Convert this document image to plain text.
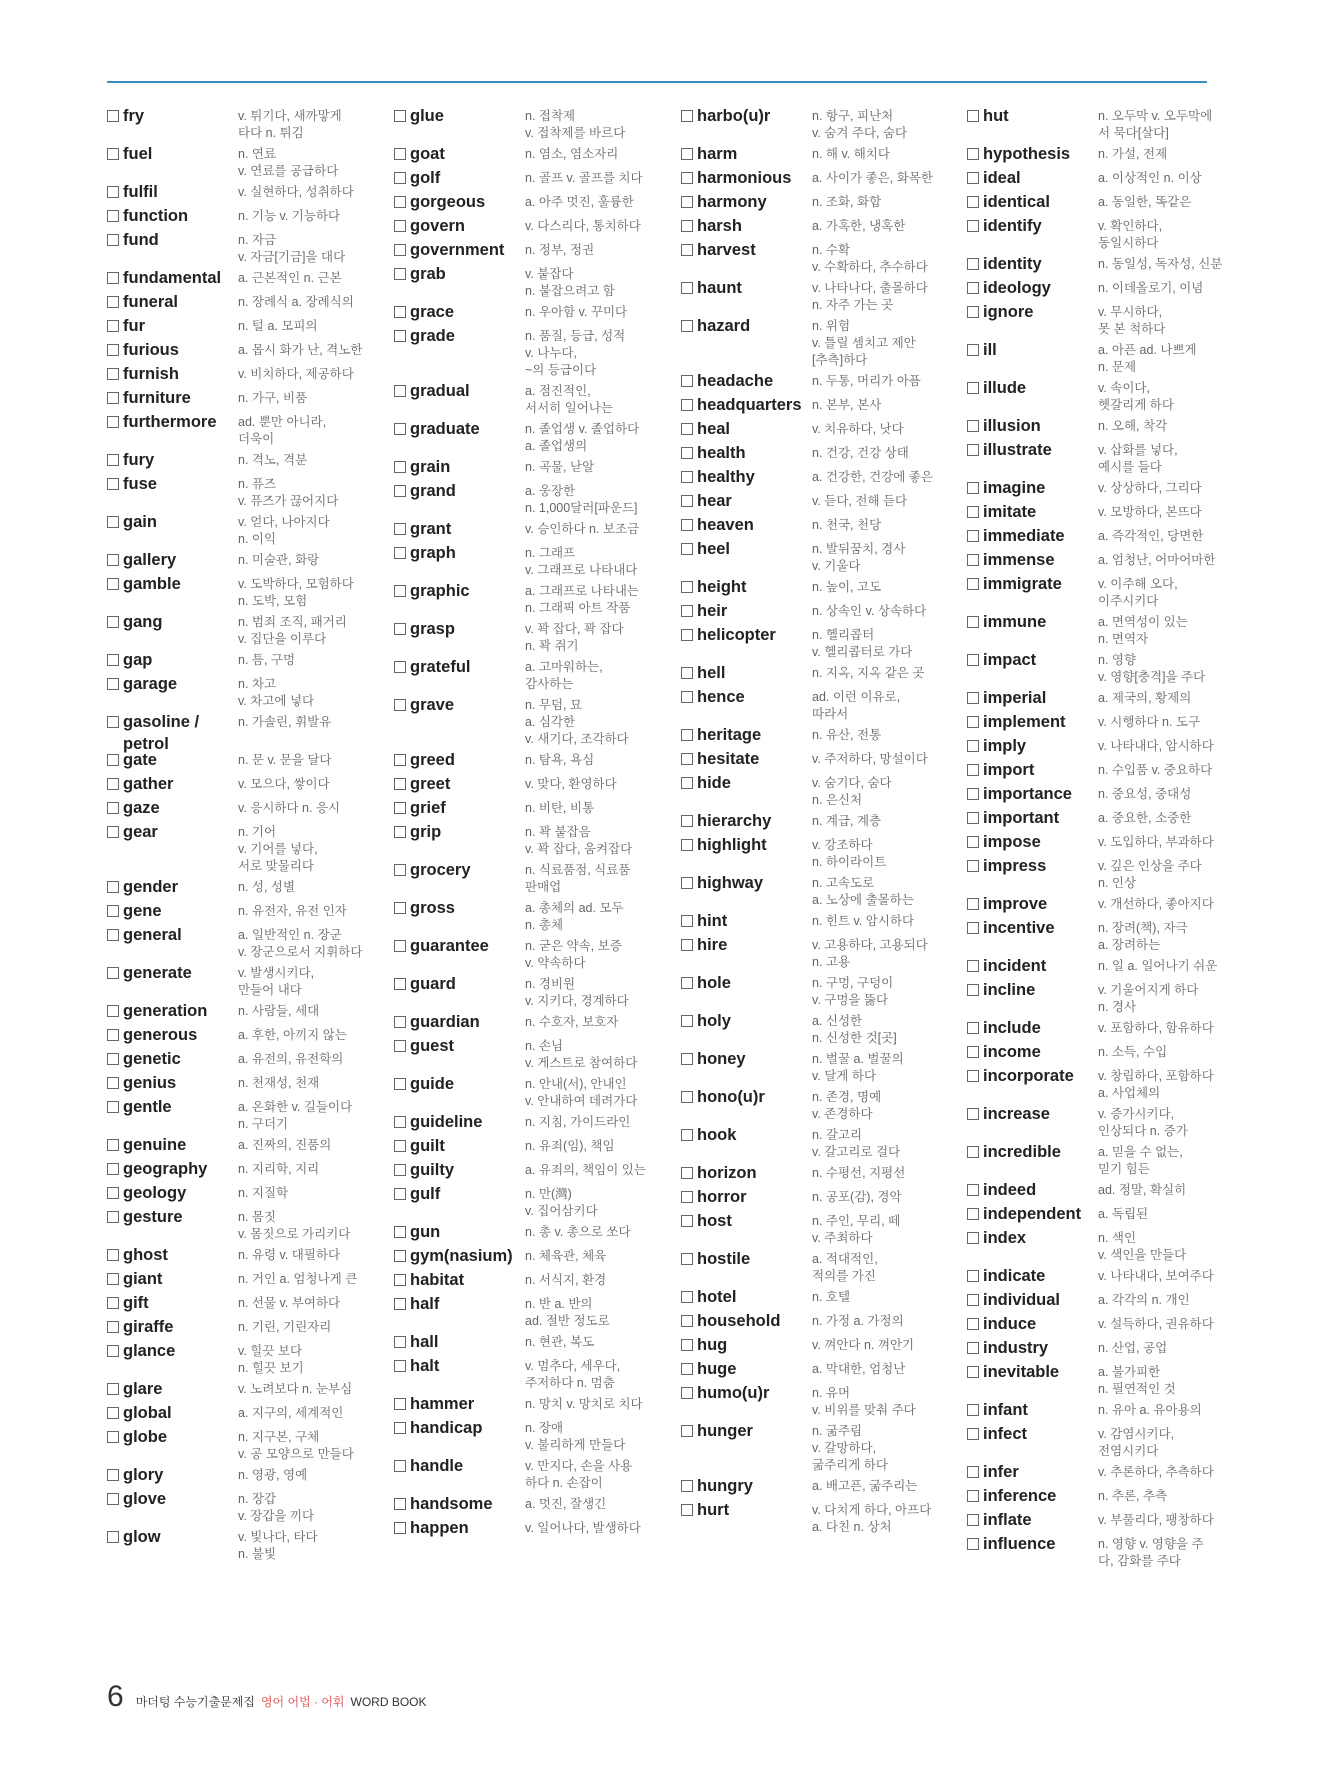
fry	v. 튀기다, 새까맣게
타다 n. 튀김
fuel	n. 연료
v. 연료를 공급하다
fulfil	v. 실현하다, 성취하다
function	n. 기능 v. 기능하다
fund	n. 자금
v. 자금[기금]을 대다
fundamental a. 근본적인 n. 근본
funeral	n. 장례식 a. 장례식의
fur	n. 털 a. 모피의
furious	a. 몹시 화가 난, 격노한
furnish	v. 비치하다, 제공하다
furniture	n. 가구, 비품
furthermore ad. 뿐만 아니라,
더욱이
fury	n. 격노, 격분
fuse	n. 퓨즈
v. 퓨즈가 끊어지다
gain	v. 얻다, 나아지다
n. 이익
gallery	n. 미술관, 화랑
gamble	v. 도박하다, 모험하다
n. 도박, 모험
gang	n. 범죄 조직, 패거리
v. 집단을 이루다
gap	n. 틈, 구멍
garage	n. 차고
v. 차고에 넣다
gasoline / petrol
n. 가솔린, 휘발유
gate	n. 문 v. 문을 달다
gather	v. 모으다, 쌓이다
gaze	v. 응시하다 n. 응시
gear	n. 기어
v. 기어를 넣다,
서로 맞물리다
gender	n. 성, 성별
gene	n. 유전자, 유전 인자
general	a. 일반적인 n. 장군
v. 장군으로서 지휘하다
generate	v. 발생시키다,
만들어 내다
generation n. 사람들, 세대
generous	a. 후한, 아끼지 않는
genetic	a. 유전의, 유전학의
genius	n. 천재성, 천재
gentle	a. 온화한 v. 길들이다
n. 구더기
genuine	a. 진짜의, 진품의
geography n. 지리학, 지리
geology	n. 지질학
gesture	n. 몸짓
v. 몸짓으로 가리키다
ghost	n. 유령 v. 대필하다
giant	n. 거인 a. 엄청나게 큰
gift	n. 선물 v. 부여하다
giraffe	n. 기린, 기린자리
glance	v. 힐끗 보다
n. 힐끗 보기
glare	v. 노려보다 n. 눈부심
global	a. 지구의, 세계적인
globe	n. 지구본, 구체
v. 공 모양으로 만들다
glory	n. 영광, 영예
glove	n. 장갑
v. 장갑을 끼다
glow	v. 빛나다, 타다
n. 불빛
glue	n. 접착제
v. 접착제를 바르다
goat	n. 염소, 염소자리
golf	n. 골프 v. 골프를 치다
gorgeous	a. 아주 멋진, 훌륭한
govern	v. 다스리다, 통치하다
government n. 정부, 정권
grab	v. 붙잡다
n. 붙잡으려고 함
grace	n. 우아함 v. 꾸미다
grade	n. 품질, 등급, 성적
v. 나누다,
~의 등급이다
gradual	a. 점진적인,
서서히 일어나는
graduate	n. 졸업생 v. 졸업하다
a. 졸업생의
grain	n. 곡물, 낟알
grand	a. 웅장한
n. 1,000달러[파운드]
grant	v. 승인하다 n. 보조금
graph	n. 그래프
v. 그래프로 나타내다
graphic	a. 그래프로 나타내는
n. 그래픽 아트 작품
grasp	v. 꽉 잡다, 꽉 잡다
n. 꽉 쥐기
grateful	a. 고마워하는,
감사하는
grave	n. 무덤, 묘
a. 심각한
v. 새기다, 조각하다
greed	n. 탐욕, 욕심
greet	v. 맞다, 환영하다
grief	n. 비탄, 비통
grip	n. 꽉 붙잡음
v. 꽉 잡다, 움켜잡다
grocery	n. 식료품점, 식료품
판매업
gross	a. 총체의 ad. 모두
n. 총체
guarantee	n. 굳은 약속, 보증
v. 약속하다
guard	n. 경비원
v. 지키다, 경계하다
guardian	n. 수호자, 보호자
guest	n. 손님
v. 게스트로 참여하다
guide	n. 안내(서), 안내인
v. 안내하여 데려가다
guideline	n. 지침, 가이드라인
guilt	n. 유죄(임), 책임
guilty	a. 유죄의, 책임이 있는
gulf	n. 만(灣)
v. 집어삼키다
gun	n. 총 v. 총으로 쏘다
gym(nasium) n. 체육관, 체육
habitat	n. 서식지, 환경
half	n. 반 a. 반의
ad. 절반 정도로
hall	n. 현관, 복도
halt	v. 멈추다, 세우다,
주저하다 n. 멈춤
hammer	n. 망치 v. 망치로 치다
handicap	n. 장애
v. 불리하게 만들다
handle	v. 만지다, 손을 사용
하다 n. 손잡이
handsome	a. 멋진, 잘생긴
happen	v. 일어나다, 발생하다
harbo(u)r	n. 항구, 피난처
v. 숨겨 주다, 숨다
harm	n. 해 v. 해치다
harmonious a. 사이가 좋은, 화목한
harmony	n. 조화, 화합
harsh	a. 가혹한, 냉혹한
harvest	n. 수확
v. 수확하다, 추수하다
haunt	v. 나타나다, 출몰하다
n. 자주 가는 곳
hazard	n. 위험
v. 틀릴 셈치고 제안
[추측]하다
headache	n. 두통, 머리가 아픔
headquarters n. 본부, 본사
heal	v. 치유하다, 낫다
health	n. 건강, 건강 상태
healthy	a. 건강한, 건강에 좋은
hear	v. 듣다, 전해 듣다
heaven	n. 천국, 천당
heel	n. 발뒤꿈치, 경사
v. 기울다
height	n. 높이, 고도
heir	n. 상속인 v. 상속하다
helicopter	n. 헬리콥터
v. 헬리콥터로 가다
hell	n. 지옥, 지옥 같은 곳
hence	ad. 이런 이유로,
따라서
heritage	n. 유산, 전통
hesitate	v. 주저하다, 망설이다
hide	v. 숨기다, 숨다
n. 은신처
hierarchy	n. 계급, 계층
highlight	v. 강조하다
n. 하이라이트
highway	n. 고속도로
a. 노상에 출몰하는
hint	n. 힌트 v. 암시하다
hire	v. 고용하다, 고용되다
n. 고용
hole	n. 구멍, 구덩이
v. 구멍을 뚫다
holy	a. 신성한
n. 신성한 것[곳]
honey	n. 벌꿀 a. 벌꿀의
v. 달게 하다
hono(u)r	n. 존경, 명예
v. 존경하다
hook	n. 갈고리
v. 갈고리로 걸다
horizon	n. 수평선, 지평선
horror	n. 공포(감), 경악
host	n. 주인, 무리, 떼
v. 주최하다
hostile	a. 적대적인,
적의를 가진
hotel	n. 호텔
household	n. 가정 a. 가정의
hug	v. 껴안다 n. 껴안기
huge	a. 막대한, 엄청난
humo(u)r	n. 유머
v. 비위를 맞춰 주다
hunger	n. 굶주림
v. 갈망하다,
굶주리게 하다
hungry	a. 배고픈, 굶주리는
hurt	v. 다치게 하다, 아프다
a. 다친 n. 상처
hut	n. 오두막 v. 오두막에
서 묵다[살다]
hypothesis n. 가설, 전제
ideal	a. 이상적인 n. 이상
identical	a. 동일한, 똑같은
identify	v. 확인하다,
동일시하다
identity	n. 동일성, 독자성, 신분
ideology	n. 이데올로기, 이념
ignore	v. 무시하다,
못 본 척하다
ill	a. 아픈 ad. 나쁘게
n. 문제
illude	v. 속이다,
헷갈리게 하다
illusion	n. 오해, 착각
illustrate	v. 삽화를 넣다,
예시를 들다
imagine	v. 상상하다, 그리다
imitate	v. 모방하다, 본뜨다
immediate	a. 즉각적인, 당면한
immense	a. 엄청난, 어마어마한
immigrate	v. 이주해 오다,
이주시키다
immune	a. 면역성이 있는
n. 면역자
impact	n. 영향
v. 영향[충격]을 주다
imperial	a. 제국의, 황제의
implement	v. 시행하다 n. 도구
imply	v. 나타내다, 암시하다
import	n. 수입품 v. 중요하다
importance n. 중요성, 중대성
important	a. 중요한, 소중한
impose	v. 도입하다, 부과하다
impress	v. 깊은 인상을 주다
n. 인상
improve	v. 개선하다, 좋아지다
incentive	n. 장려(책), 자극
a. 장려하는
incident	n. 일 a. 일어나기 쉬운
incline	v. 기울어지게 하다
n. 경사
include	v. 포함하다, 함유하다
income	n. 소득, 수입
incorporate v. 창립하다, 포함하다
a. 사업체의
increase	v. 증가시키다,
인상되다 n. 증가
incredible	a. 믿을 수 없는,
믿기 힘든
indeed	ad. 정말, 확실히
independent a. 독립된
index	n. 색인
v. 색인을 만들다
indicate	v. 나타내다, 보여주다
individual	a. 각각의 n. 개인
induce	v. 설득하다, 권유하다
industry	n. 산업, 공업
inevitable	a. 불가피한
n. 필연적인 것
infant	n. 유아 a. 유아용의
infect	v. 감염시키다,
전염시키다
infer	v. 추론하다, 추측하다
inference	n. 추론, 추측
inflate	v. 부풀리다, 팽창하다
influence	n. 영향 v. 영향을 주
다, 감화를 주다
6 마더텅 수능기출문제집 영어 어법 · 어휘 WORD BOOK
